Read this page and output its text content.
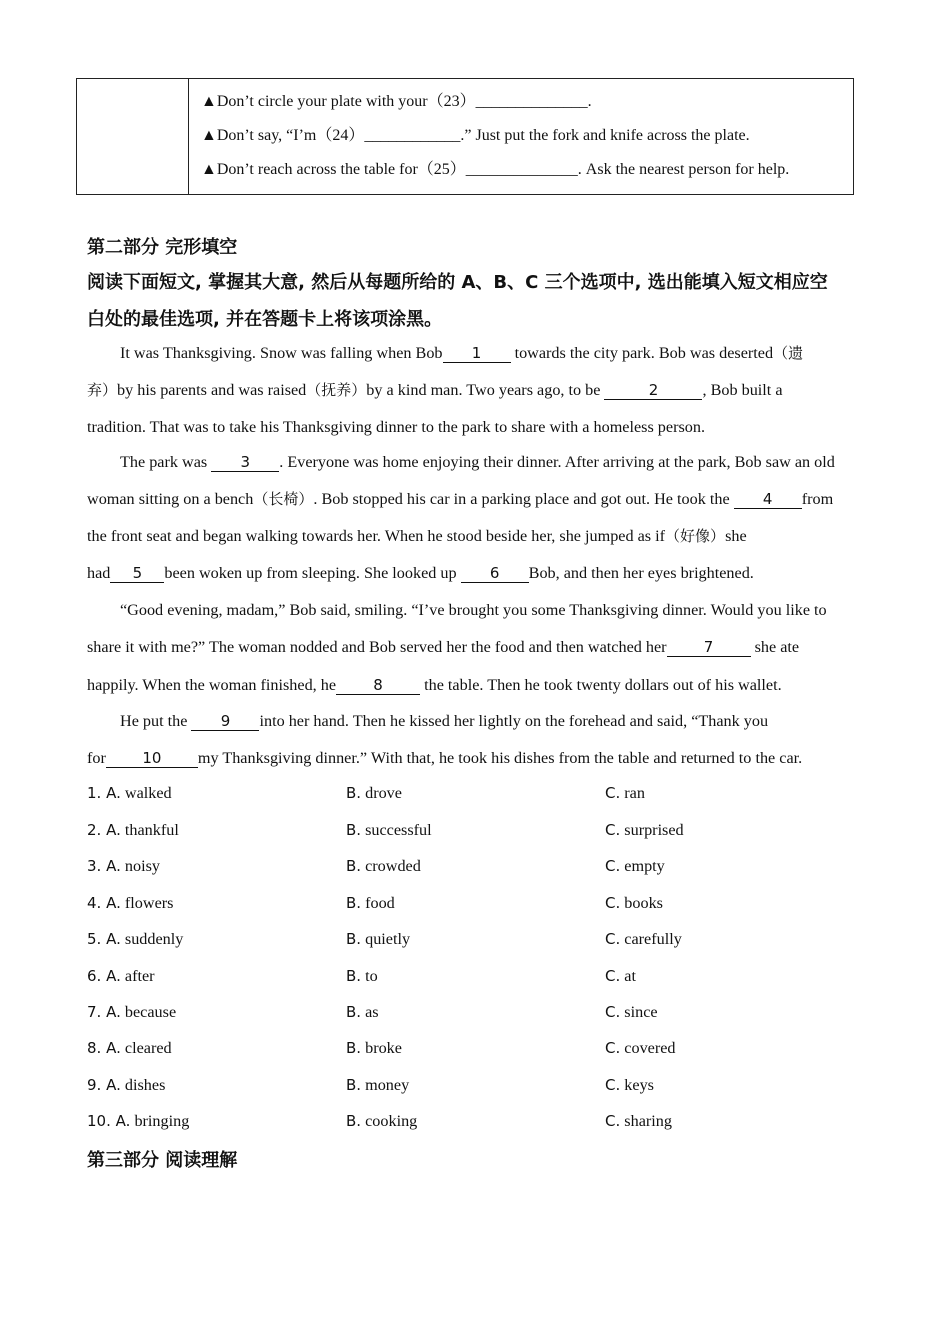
▲Don’t circle your plate with your（23）______________.
▲Don’t say, “I’m（24）____________.” Just put the fork and knife across the plate.
▲Don’t reach across the table for（25）______________. Ask the nearest person for help.
第二部分 完形填空
阅读下面短文, 掌握其大意, 然后从每题所给的 A、B、C 三个选项中, 选出能填入短文相应空
白处的最佳选项, 并在答题卡上将该项涂黑。
It was Thanksgiving. Snow was falling when Bob 1 towards the city park. Bob was deserted（遗
弃）by his parents and was raised（抚养）by a kind man. Two years ago, to be	2	, Bob built a
tradition. That was to take his Thanksgiving dinner to the park to share with a homeless person.
The park was 3 . Everyone was home enjoying their dinner. After arriving at the park, Bob saw an old
woman sitting on a bench（长椅）. Bob stopped his car in a parking place and got out. He took the 4 from
the front seat and began walking towards her. When he stood beside her, she jumped as if（好像）she
had 5 been woken up from sleeping. She looked up 6 Bob, and then her eyes brightened.
“Good evening, madam,” Bob said, smiling. “I’ve brought you some Thanksgiving dinner. Would you like to
share it with me?” The woman nodded and Bob served her the food and then watched her 7 she ate
happily. When the woman finished, he 8 the table. Then he took twenty dollars out of his wallet.
He put the 9 into her hand. Then he kissed her lightly on the forehead and said, “Thank you
for 10 my Thanksgiving dinner.” With that, he took his dishes from the table and returned to the car.
1. A. walked	B. drove	C. ran
2. A. thankful	B. successful	C. surprised
3. A. noisy	B. crowded	C. empty
4. A. flowers	B. food	C. books
5. A. suddenly	B. quietly	C. carefully
6. A. after	B. to	C. at
7. A. because	B. as	C. since
8. A. cleared	B. broke	C. covered
9. A. dishes	B. money	C. keys
10. A. bringing	B. cooking	C. sharing
第三部分 阅读理解
